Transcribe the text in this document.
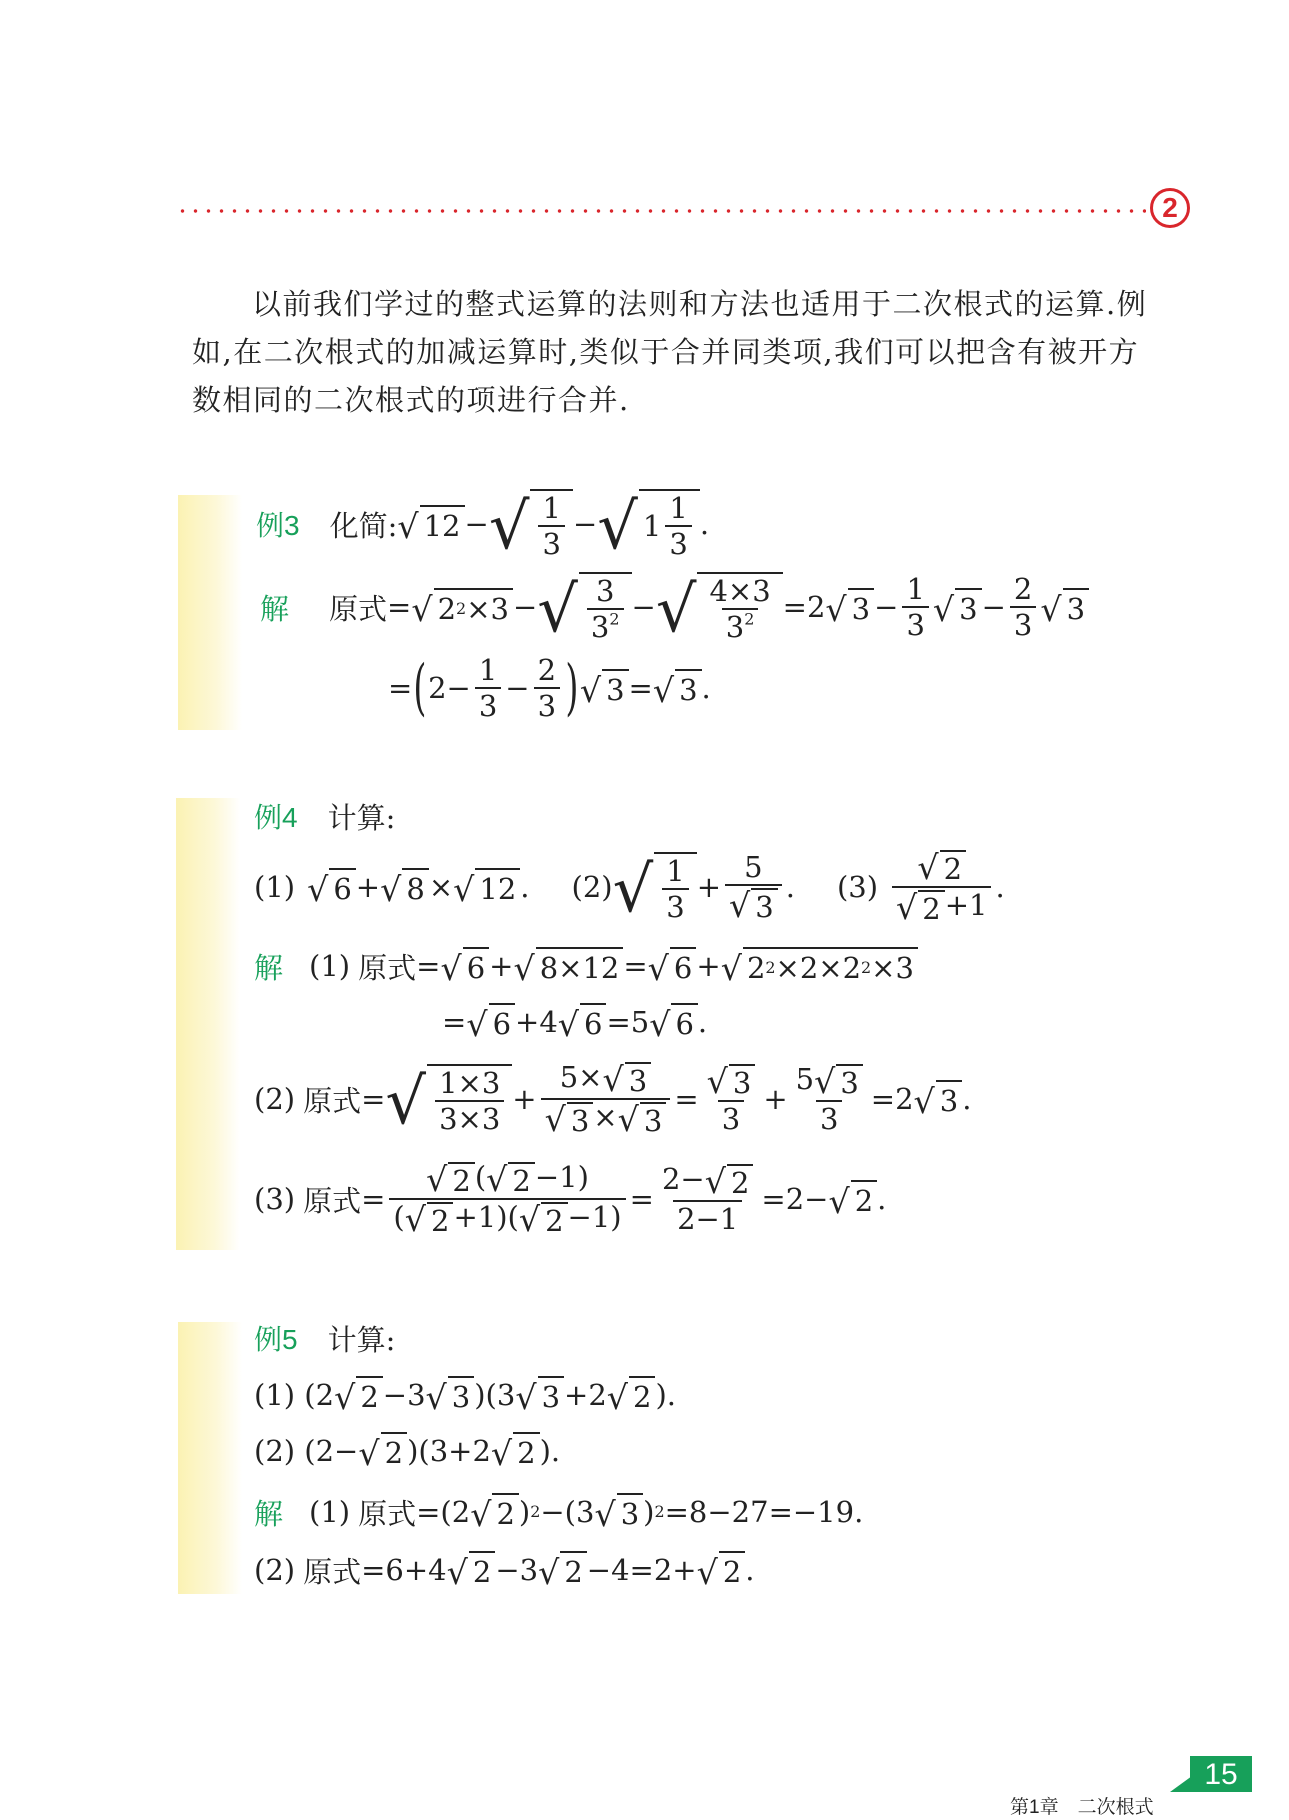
2
以前我们学过的整式运算的法则和方法也适用于二次根式的运算.例
如,在二次根式的加减运算时,类似于合并同类项,我们可以把含有被开方
数相同的二次根式的项进行合并.
例3 化简: √ 12 − √ $\frac{1}{3}$ − √ $1 \frac{1}{3}$ .
解 原式 = √ 2 2 ×3 − √ $\frac{3}{3^2}$ − √ $\frac{4\times 3}{3^2} =2$ √ $3 - \frac{1}{3}$ √ $3 - \frac{2}{3}$ √ 3
= ( $2- \frac{1}{3} - \frac{2}{3}$ ) √ 3 = √ 3 .
例4 计算:
(1) √ 6 + √ 8 × √ 12 . (2) √ $\frac{1}{3} + \frac{5}{√ 3}$ . $(3) \frac{√ 2}{√ 2 +1}$ .
解 (1) 原式 = √ 6 + √ 8×12 = √ 6 + √ 2 2 ×2×2 2 ×3
= √ 6 +4 √ 6 =5 √ 6 .
(2) 原式 = √ $\frac{1\times 3}{3\times 3} + \frac{5\times √ 3}{√ 3 \times √ 3} = \frac{√ 3}{3} + \frac{5 √ 3}{3} =2$ √ 3 .
(3) 原式 = $\frac{√ 2 ( √ 2 -1)}{( √ 2 +1)( √ 2 -1)} = \frac{2- √ 2}{2-1} =2-$ √ 2 .
例5 计算:
(1) (2 √ 2 −3 √ 3 )(3 √ 3 +2 √ 2 ).
(2) (2− √ 2 )(3+2 √ 2 ).
解 (1) 原式 =(2 √ 2 ) 2 −(3 √ 3 ) 2 =8−27=−19.
(2) 原式 =6+4 √ 2 −3 √ 2 −4=2+ √ 2 .
第1章　二次根式
15
